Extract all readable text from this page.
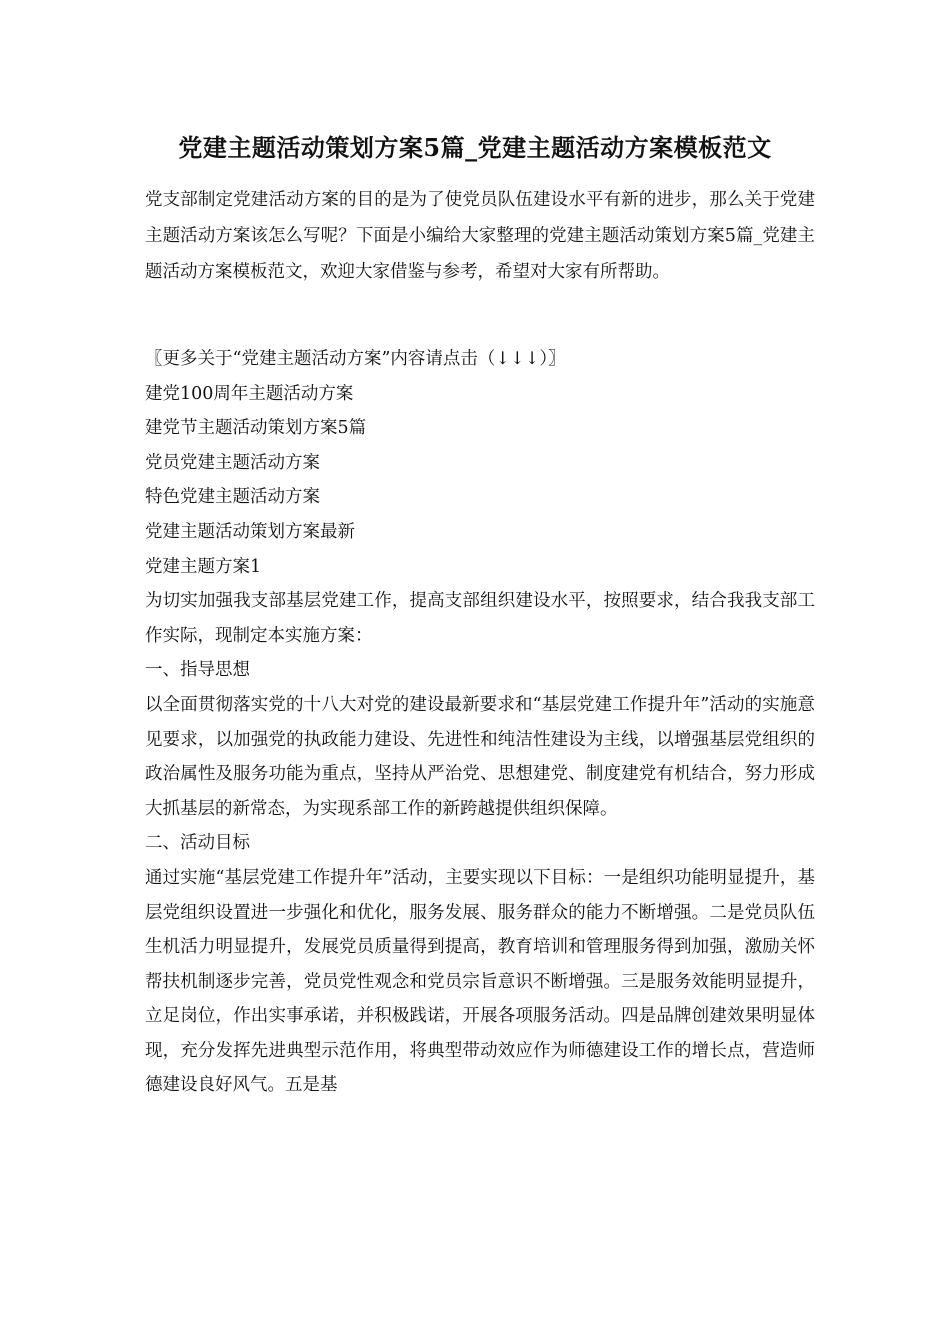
党建主题活动策划方案5篇_党建主题活动方案模板范文

党支部制定党建活动方案的目的是为了使党员队伍建设水平有新的进步，那么关于党建主题活动方案该怎么写呢？下面是小编给大家整理的党建主题活动策划方案5篇_党建主题活动方案模板范文，欢迎大家借鉴与参考，希望对大家有所帮助。

〖更多关于“党建主题活动方案”内容请点击（↓↓↓）〗

建党100周年主题活动方案

建党节主题活动策划方案5篇

党员党建主题活动方案

特色党建主题活动方案

党建主题活动策划方案最新

党建主题方案1

为切实加强我支部基层党建工作，提高支部组织建设水平，按照要求，结合我我支部工作实际，现制定本实施方案：

一、指导思想

以全面贯彻落实党的十八大对党的建设最新要求和“基层党建工作提升年”活动的实施意见要求，以加强党的执政能力建设、先进性和纯洁性建设为主线，以增强基层党组织的政治属性及服务功能为重点，坚持从严治党、思想建党、制度建党有机结合，努力形成大抓基层的新常态，为实现系部工作的新跨越提供组织保障。

二、活动目标

通过实施“基层党建工作提升年”活动，主要实现以下目标：一是组织功能明显提升，基层党组织设置进一步强化和优化，服务发展、服务群众的能力不断增强。二是党员队伍生机活力明显提升，发展党员质量得到提高，教育培训和管理服务得到加强，激励关怀帮扶机制逐步完善，党员党性观念和党员宗旨意识不断增强。三是服务效能明显提升，立足岗位，作出实事承诺，并积极践诺，开展各项服务活动。四是品牌创建效果明显体现，充分发挥先进典型示范作用，将典型带动效应作为师德建设工作的增长点，营造师德建设良好风气。五是基
